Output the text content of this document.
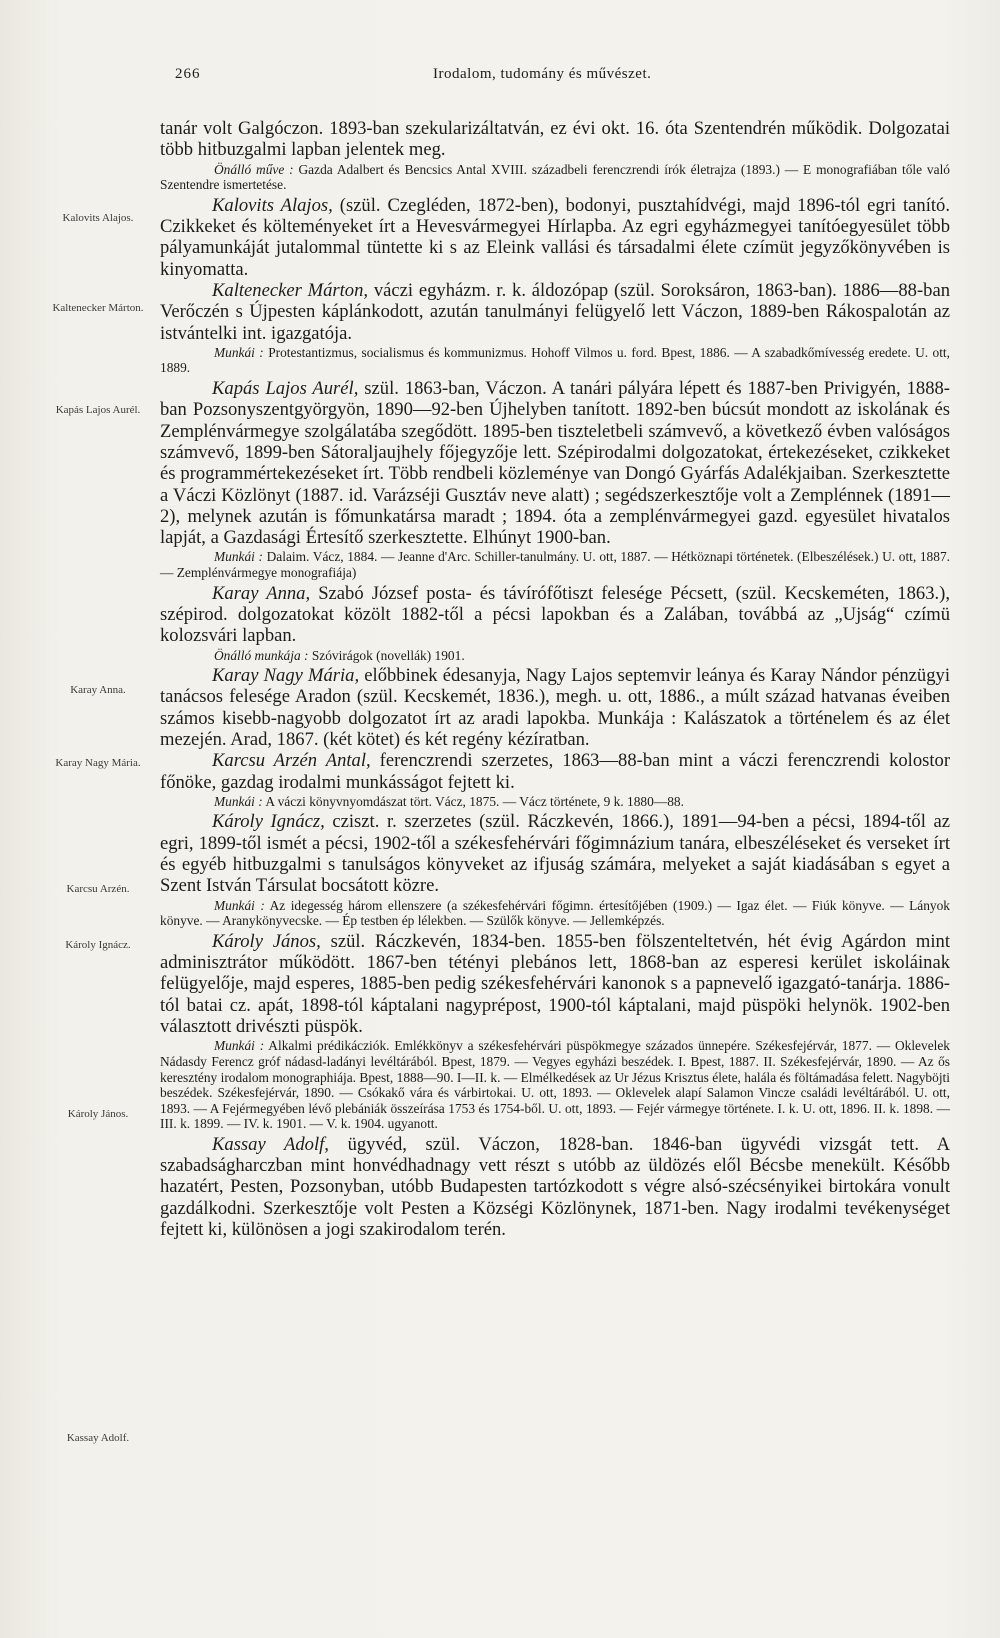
266	Irodalom, tudomány és művészet.
Kalovits Alajos.
Kaltenecker Márton.
Kapás Lajos Aurél.
Karay Anna.
Karay Nagy Mária.
Karcsu Arzén.
Károly Ignácz.
Károly János.
Kassay Adolf.

tanár volt Galgóczon. 1893-ban szekularizáltatván, ez évi okt. 16. óta Szentendrén működik. Dolgozatai több hitbuzgalmi lapban jelentek meg.

Önálló műve : Gazda Adalbert és Bencsics Antal XVIII. századbeli ferenczrendi írók életrajza (1893.) — E monografiában tőle való Szentendre ismertetése.

Kalovits Alajos, (szül. Czegléden, 1872-ben), bodonyi, pusztahídvégi, majd 1896-tól egri tanító. Czikkeket és költeményeket írt a Hevesvármegyei Hírlapba. Az egri egyházmegyei tanítóegyesület több pályamunkáját jutalommal tüntette ki s az Eleink vallási és társadalmi élete czímüt jegyzőkönyvében is kinyomatta.

Kaltenecker Márton, váczi egyházm. r. k. áldozópap (szül. Soroksáron, 1863-ban). 1886—88-ban Verőczén s Újpesten káplánkodott, azután tanulmányi felügyelő lett Váczon, 1889-ben Rákospalotán az istvántelki int. igazgatója.

Munkái : Protestantizmus, socialismus és kommunizmus. Hohoff Vilmos u. ford. Bpest, 1886. — A szabadkőmívesség eredete. U. ott, 1889.

Kapás Lajos Aurél, szül. 1863-ban, Váczon. A tanári pályára lépett és 1887-ben Privigyén, 1888-ban Pozsonyszentgyörgyön, 1890—92-ben Újhelyben tanított. 1892-ben búcsút mondott az iskolának és Zemplénvármegye szolgálatába szegődött. 1895-ben tiszteletbeli számvevő, a következő évben valóságos számvevő, 1899-ben Sátoraljaujhely főjegyzője lett. Szépirodalmi dolgozatokat, értekezéseket, czikkeket és programmértekezéseket írt. Több rendbeli közleménye van Dongó Gyárfás Adalékjaiban. Szerkesztette a Váczi Közlönyt (1887. id. Varázséji Gusztáv neve alatt) ; segédszerkesztője volt a Zemplénnek (1891—2), melynek azután is főmunkatársa maradt ; 1894. óta a zemplénvármegyei gazd. egyesület hivatalos lapját, a Gazdasági Értesítő szerkesztette. Elhúnyt 1900-ban.

Munkái : Dalaim. Vácz, 1884. — Jeanne d'Arc. Schiller-tanulmány. U. ott, 1887. — Hétköznapi történetek. (Elbeszélések.) U. ott, 1887. — Zemplénvármegye monografiája)

Karay Anna, Szabó József posta- és távírófőtiszt felesége Pécsett, (szül. Kecskeméten, 1863.), szépirod. dolgozatokat közölt 1882-től a pécsi lapokban és a Zalában, továbbá az „Ujság“ czímü kolozsvári lapban.

Önálló munkája : Szóvirágok (novellák) 1901.

Karay Nagy Mária, előbbinek édesanyja, Nagy Lajos septemvir leánya és Karay Nándor pénzügyi tanácsos felesége Aradon (szül. Kecskemét, 1836.), megh. u. ott, 1886., a múlt század hatvanas éveiben számos kisebb-nagyobb dolgozatot írt az aradi lapokba. Munkája : Kalászatok a történelem és az élet mezején. Arad, 1867. (két kötet) és két regény kézíratban.

Karcsu Arzén Antal, ferenczrendi szerzetes, 1863—88-ban mint a váczi ferenczrendi kolostor főnöke, gazdag irodalmi munkásságot fejtett ki.

Munkái : A váczi könyvnyomdászat tört. Vácz, 1875. — Vácz története, 9 k. 1880—88.

Károly Ignácz, cziszt. r. szerzetes (szül. Ráczkevén, 1866.), 1891—94-ben a pécsi, 1894-től az egri, 1899-től ismét a pécsi, 1902-től a székesfehérvári főgimnázium tanára, elbeszéléseket és verseket írt és egyéb hitbuzgalmi s tanulságos könyveket az ifjuság számára, melyeket a saját kiadásában s egyet a Szent István Társulat bocsátott közre.

Munkái : Az idegesség három ellenszere (a székesfehérvári főgimn. értesítőjében (1909.) — Igaz élet. — Fiúk könyve. — Lányok könyve. — Aranykönyvecske. — Ép testben ép lélekben. — Szülők könyve. — Jellemképzés.

Károly János, szül. Ráczkevén, 1834-ben. 1855-ben fölszenteltetvén, hét évig Agárdon mint adminisztrátor működött. 1867-ben tétényi plebános lett, 1868-ban az esperesi kerület iskoláinak felügyelője, majd esperes, 1885-ben pedig székesfehérvári kanonok s a papnevelő igazgató-tanárja. 1886-tól batai cz. apát, 1898-tól káptalani nagyprépost, 1900-tól káptalani, majd püspöki helynök. 1902-ben választott drivészti püspök.

Munkái : Alkalmi prédikácziók. Emlékkönyv a székesfehérvári püspökmegye százados ünnepére. Székesfejérvár, 1877. — Oklevelek Nádasdy Ferencz gróf nádasd-ladányi levéltárából. Bpest, 1879. — Vegyes egyházi beszédek. I. Bpest, 1887. II. Székesfejérvár, 1890. — Az ős keresztény irodalom monographiája. Bpest, 1888—90. I—II. k. — Elmélkedések az Ur Jézus Krisztus élete, halála és föltámadása felett. Nagyböjti beszédek. Székesfejérvár, 1890. — Csókakő vára és várbirtokai. U. ott, 1893. — Oklevelek alapí Salamon Vincze családi levéltárából. U. ott, 1893. — A Fejérmegyében lévő plebániák összeírása 1753 és 1754-ből. U. ott, 1893. — Fejér vármegye története. I. k. U. ott, 1896. II. k. 1898. — III. k. 1899. — IV. k. 1901. — V. k. 1904. ugyanott.

Kassay Adolf, ügyvéd, szül. Váczon, 1828-ban. 1846-ban ügyvédi vizsgát tett. A szabadságharczban mint honvédhadnagy vett részt s utóbb az üldözés elől Bécsbe menekült. Később hazatért, Pesten, Pozsonyban, utóbb Budapesten tartózkodott s végre alsó-szécsényikei birtokára vonult gazdálkodni. Szerkesztője volt Pesten a Községi Közlönynek, 1871-ben. Nagy irodalmi tevékenységet fejtett ki, különösen a jogi szakirodalom terén.
